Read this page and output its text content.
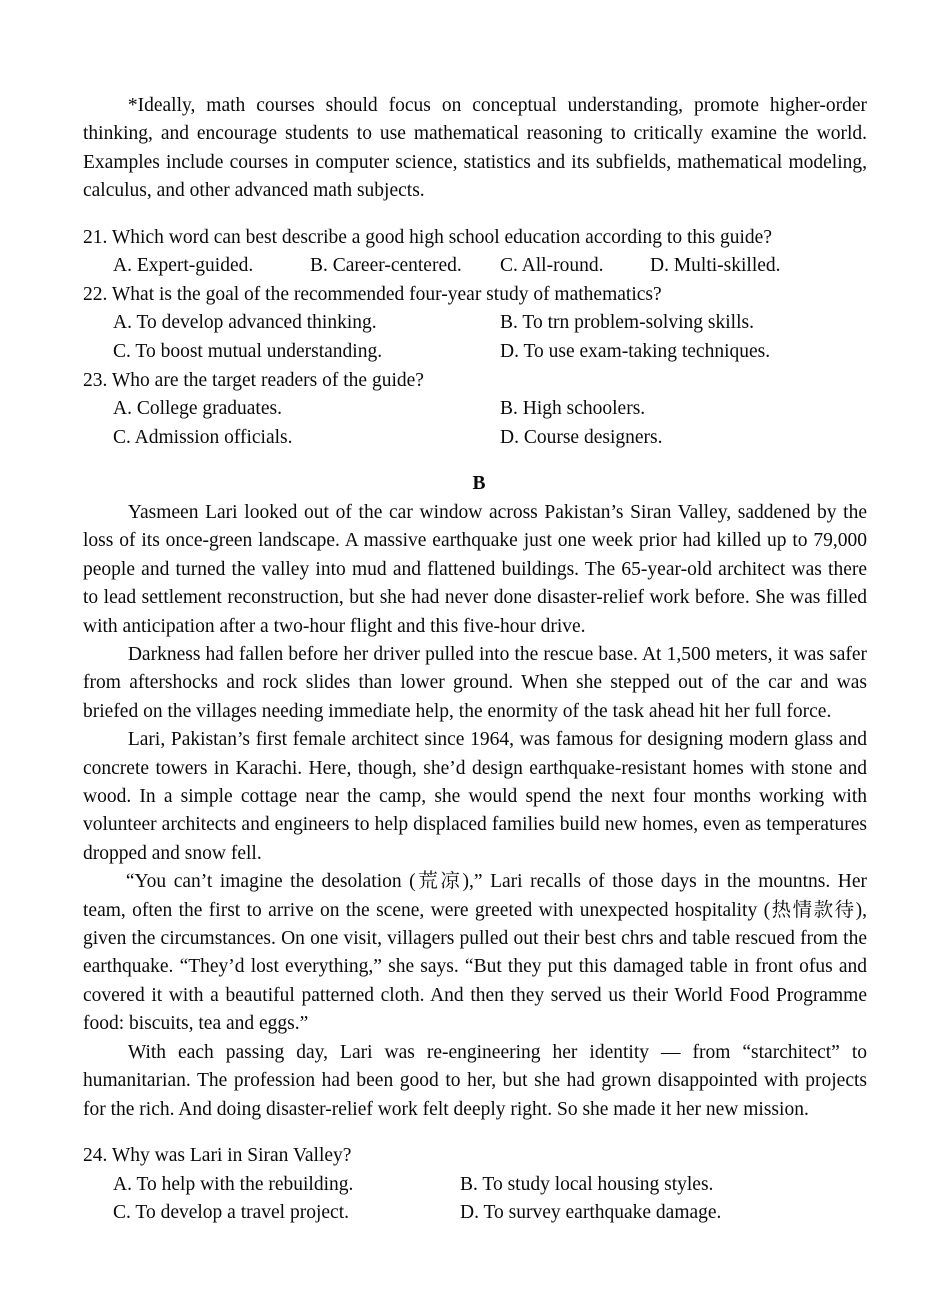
*Ideally, math courses should focus on conceptual understanding, promote higher-order thinking, and encourage students to use mathematical reasoning to critically examine the world. Examples include courses in computer science, statistics and its subfields, mathematical modeling, calculus, and other advanced math subjects.

21. Which word can best describe a good high school education according to this guide?

A. Expert-guided.	B. Career-centered. C. All-round. D. Multi-skilled.

22. What is the goal of the recommended four-year study of mathematics?

A. To develop advanced thinking.	B. To trn problem-solving skills.
C. To boost mutual understanding.	D. To use exam-taking techniques.

23. Who are the target readers of the guide?

A. College graduates.	B. High schoolers.
C. Admission officials.	D. Course designers.

B

Yasmeen Lari looked out of the car window across Pakistan’s Siran Valley, saddened by the loss of its once-green landscape. A massive earthquake just one week prior had killed up to 79,000 people and turned the valley into mud and flattened buildings. The 65-year-old architect was there to lead settlement reconstruction, but she had never done disaster-relief work before. She was filled with anticipation after a two-hour flight and this five-hour drive.

Darkness had fallen before her driver pulled into the rescue base. At 1,500 meters, it was safer from aftershocks and rock slides than lower ground. When she stepped out of the car and was briefed on the villages needing immediate help, the enormity of the task ahead hit her full force.

Lari, Pakistan’s first female architect since 1964, was famous for designing modern glass and concrete towers in Karachi. Here, though, she’d design earthquake-resistant homes with stone and wood. In a simple cottage near the camp, she would spend the next four months working with volunteer architects and engineers to help displaced families build new homes, even as temperatures dropped and snow fell.

“You can’t imagine the desolation (荒凉),” Lari recalls of those days in the mountns. Her team, often the first to arrive on the scene, were greeted with unexpected hospitality (热情款待), given the circumstances. On one visit, villagers pulled out their best chrs and table rescued from the earthquake. “They’d lost everything,” she says. “But they put this damaged table in front ofus and covered it with a beautiful patterned cloth. And then they served us their World Food Programme food: biscuits, tea and eggs.”

With each passing day, Lari was re-engineering her identity — from “starchitect” to humanitarian. The profession had been good to her, but she had grown disappointed with projects for the rich. And doing disaster-relief work felt deeply right. So she made it her new mission.

24. Why was Lari in Siran Valley?

A. To help with the rebuilding.	B. To study local housing styles.
C. To develop a travel project.	D. To survey earthquake damage.
